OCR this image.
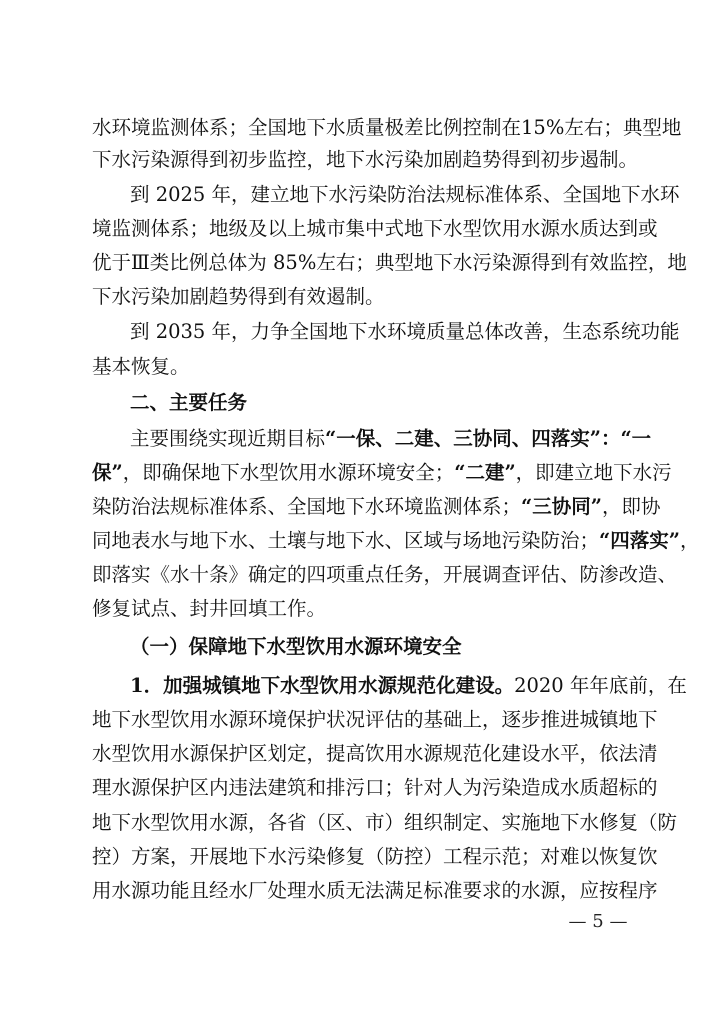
水环境监测体系；全国地下水质量极差比例控制在15%左右；典型地
下水污染源得到初步监控，地下水污染加剧趋势得到初步遏制。
到 2025 年，建立地下水污染防治法规标准体系、全国地下水环
境监测体系；地级及以上城市集中式地下水型饮用水源水质达到或
优于Ⅲ类比例总体为 85%左右；典型地下水污染源得到有效监控，地
下水污染加剧趋势得到有效遏制。
到 2035 年，力争全国地下水环境质量总体改善，生态系统功能
基本恢复。
二、主要任务
主要围绕实现近期目标“一保、二建、三协同、四落实”：“一
保”，即确保地下水型饮用水源环境安全；“二建”，即建立地下水污
染防治法规标准体系、全国地下水环境监测体系；“三协同”，即协
同地表水与地下水、土壤与地下水、区域与场地污染防治；“四落实”，
即落实《水十条》确定的四项重点任务，开展调查评估、防渗改造、
修复试点、封井回填工作。
（一）保障地下水型饮用水源环境安全
1．加强城镇地下水型饮用水源规范化建设。2020 年年底前，在
地下水型饮用水源环境保护状况评估的基础上，逐步推进城镇地下
水型饮用水源保护区划定，提高饮用水源规范化建设水平，依法清
理水源保护区内违法建筑和排污口；针对人为污染造成水质超标的
地下水型饮用水源，各省（区、市）组织制定、实施地下水修复（防
控）方案，开展地下水污染修复（防控）工程示范；对难以恢复饮
用水源功能且经水厂处理水质无法满足标准要求的水源，应按程序
— 5 —
